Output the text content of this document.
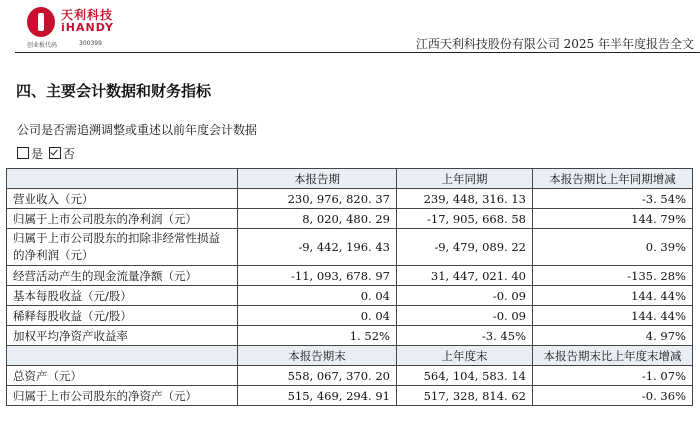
天利科技
iHANDY
创业板代码	300399	江西天利科技股份有限公司 2025 年半年度报告全文
四、主要会计数据和财务指标
公司是否需追溯调整或重述以前年度会计数据
是 否
	本报告期	上年同期	本报告期比上年同期增减
营业收入（元）	230, 976, 820. 37	239, 448, 316. 13	-3. 54%
归属于上市公司股东的净利润（元）	8, 020, 480. 29	-17, 905, 668. 58	144. 79%
归属于上市公司股东的扣除非经常性损益的净利润（元）	-9, 442, 196. 43	-9, 479, 089. 22	0. 39%
经营活动产生的现金流量净额（元）	-11, 093, 678. 97	31, 447, 021. 40	-135. 28%
基本每股收益（元/股）	0. 04	-0. 09	144. 44%
稀释每股收益（元/股）	0. 04	-0. 09	144. 44%
加权平均净资产收益率	1. 52%	-3. 45%	4. 97%
	本报告期末	上年度末	本报告期末比上年度末增减
总资产（元）	558, 067, 370. 20	564, 104, 583. 14	-1. 07%
归属于上市公司股东的净资产（元）	515, 469, 294. 91	517, 328, 814. 62	-0. 36%
